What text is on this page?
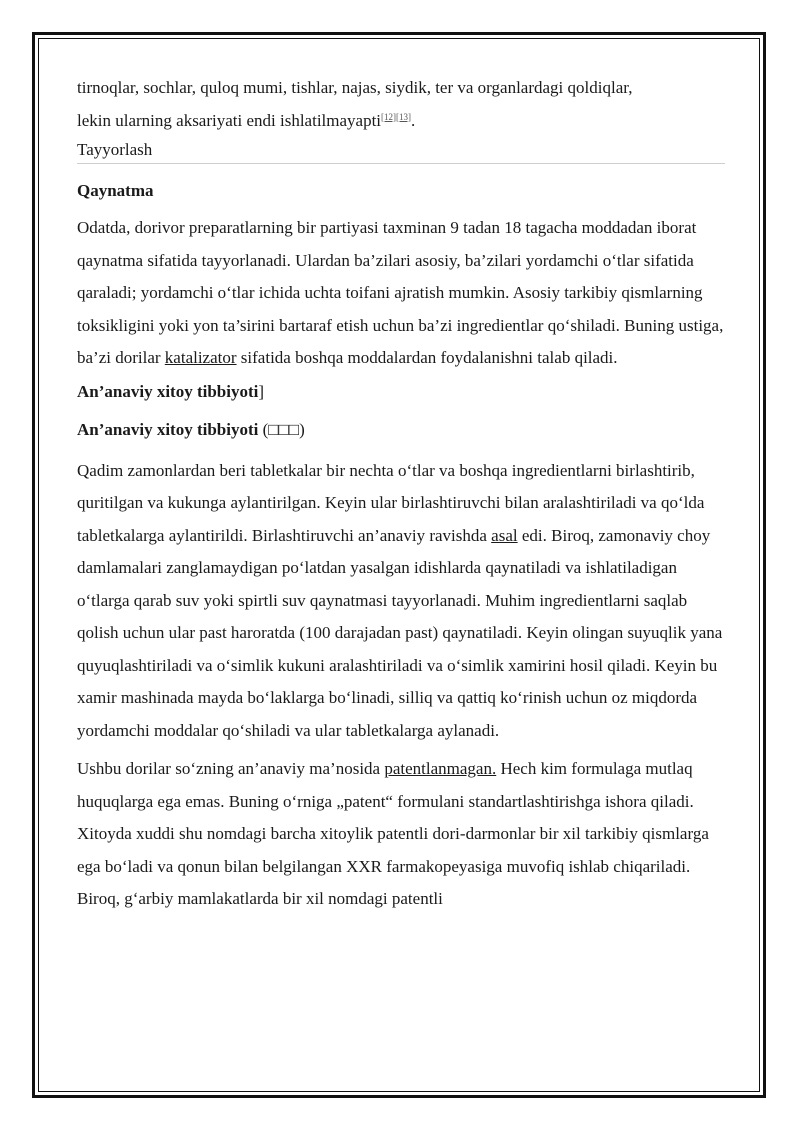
tirnoqlar, sochlar, quloq mumi, tishlar, najas, siydik, ter va organlardagi qoldiqlar,
lekin ularning aksariyati endi ishlatilmayapti[12][13].

Tayyorlash

Qaynatma

Odatda, dorivor preparatlarning bir partiyasi taxminan 9 tadan 18 tagacha moddadan iborat qaynatma sifatida tayyorlanadi. Ulardan ba’zilari asosiy, ba’zilari yordamchi o‘tlar sifatida qaraladi; yordamchi o‘tlar ichida uchta toifani ajratish mumkin. Asosiy tarkibiy qismlarning toksikligini yoki yon ta’sirini bartaraf etish uchun ba’zi ingredientlar qo‘shiladi. Buning ustiga, ba’zi dorilar katalizator sifatida boshqa moddalardan foydalanishni talab qiladi.

An’anaviy xitoy tibbiyoti]

An’anaviy xitoy tibbiyoti (□□□)

Qadim zamonlardan beri tabletkalar bir nechta o‘tlar va boshqa ingredientlarni birlashtirib, quritilgan va kukunga aylantirilgan. Keyin ular birlashtiruvchi bilan aralashtiriladi va qo‘lda tabletkalarga aylantirildi. Birlashtiruvchi an’anaviy ravishda asal edi. Biroq, zamonaviy choy damlamalari zanglamaydigan po‘latdan yasalgan idishlarda qaynatiladi va ishlatiladigan o‘tlarga qarab suv yoki spirtli suv qaynatmasi tayyorlanadi. Muhim ingredientlarni saqlab qolish uchun ular past haroratda (100 darajadan past) qaynatiladi. Keyin olingan suyuqlik yana quyuqlashtiriladi va o‘simlik kukuni aralashtiriladi va o‘simlik xamirini hosil qiladi. Keyin bu xamir mashinada mayda bo‘laklarga bo‘linadi, silliq va qattiq ko‘rinish uchun oz miqdorda yordamchi moddalar qo‘shiladi va ular tabletkalarga aylanadi.

Ushbu dorilar so‘zning an’anaviy ma’nosida patentlanmagan. Hech kim formulaga mutlaq huquqlarga ega emas. Buning o‘rniga „patent“ formulani standartlashtirishga ishora qiladi. Xitoyda xuddi shu nomdagi barcha xitoylik patentli dori-darmonlar bir xil tarkibiy qismlarga ega bo‘ladi va qonun bilan belgilangan XXR farmakopeyasiga muvofiq ishlab chiqariladi. Biroq, g‘arbiy mamlakatlarda bir xil nomdagi patentli
